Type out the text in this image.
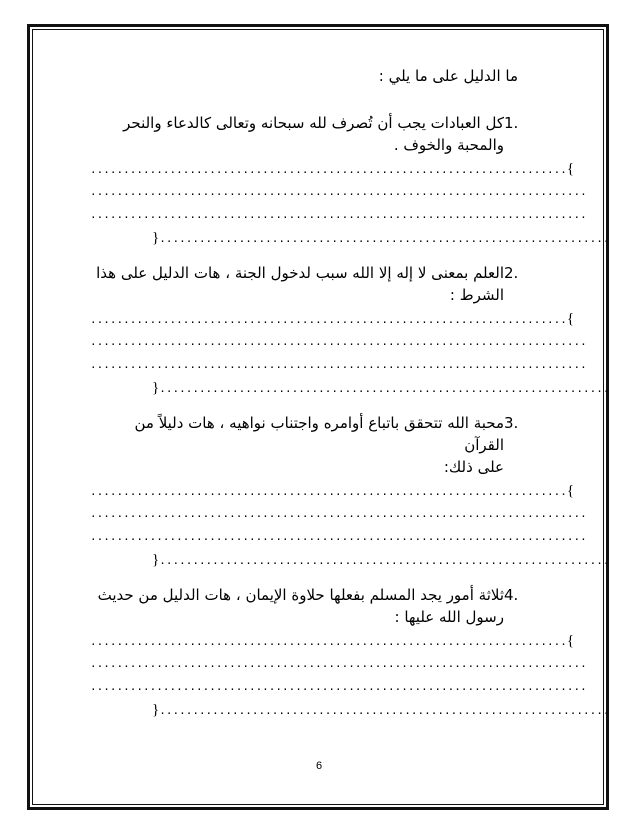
ما الدليل على ما يلي :
1.
كل العبادات يجب أن تُصرف لله سبحانه وتعالى كالدعاء والنحر
والمحبة والخوف .
........................................................................{
...........................................................................
...........................................................................
}....................................................................
2.
العلم بمعنى لا إله إلا الله سبب لدخول الجنة ، هات الدليل على هذا
الشرط :
........................................................................{
...........................................................................
...........................................................................
}....................................................................
3.
محبة الله تتحقق باتباع أوامره واجتناب نواهيه ، هات دليلاً من القرآن
على ذلك:
........................................................................{
...........................................................................
...........................................................................
}....................................................................
4.
ثلاثة أمور يجد المسلم بفعلها حلاوة الإيمان ، هات الدليل من حديث
رسول الله عليها :
........................................................................{
...........................................................................
...........................................................................
}....................................................................
6
